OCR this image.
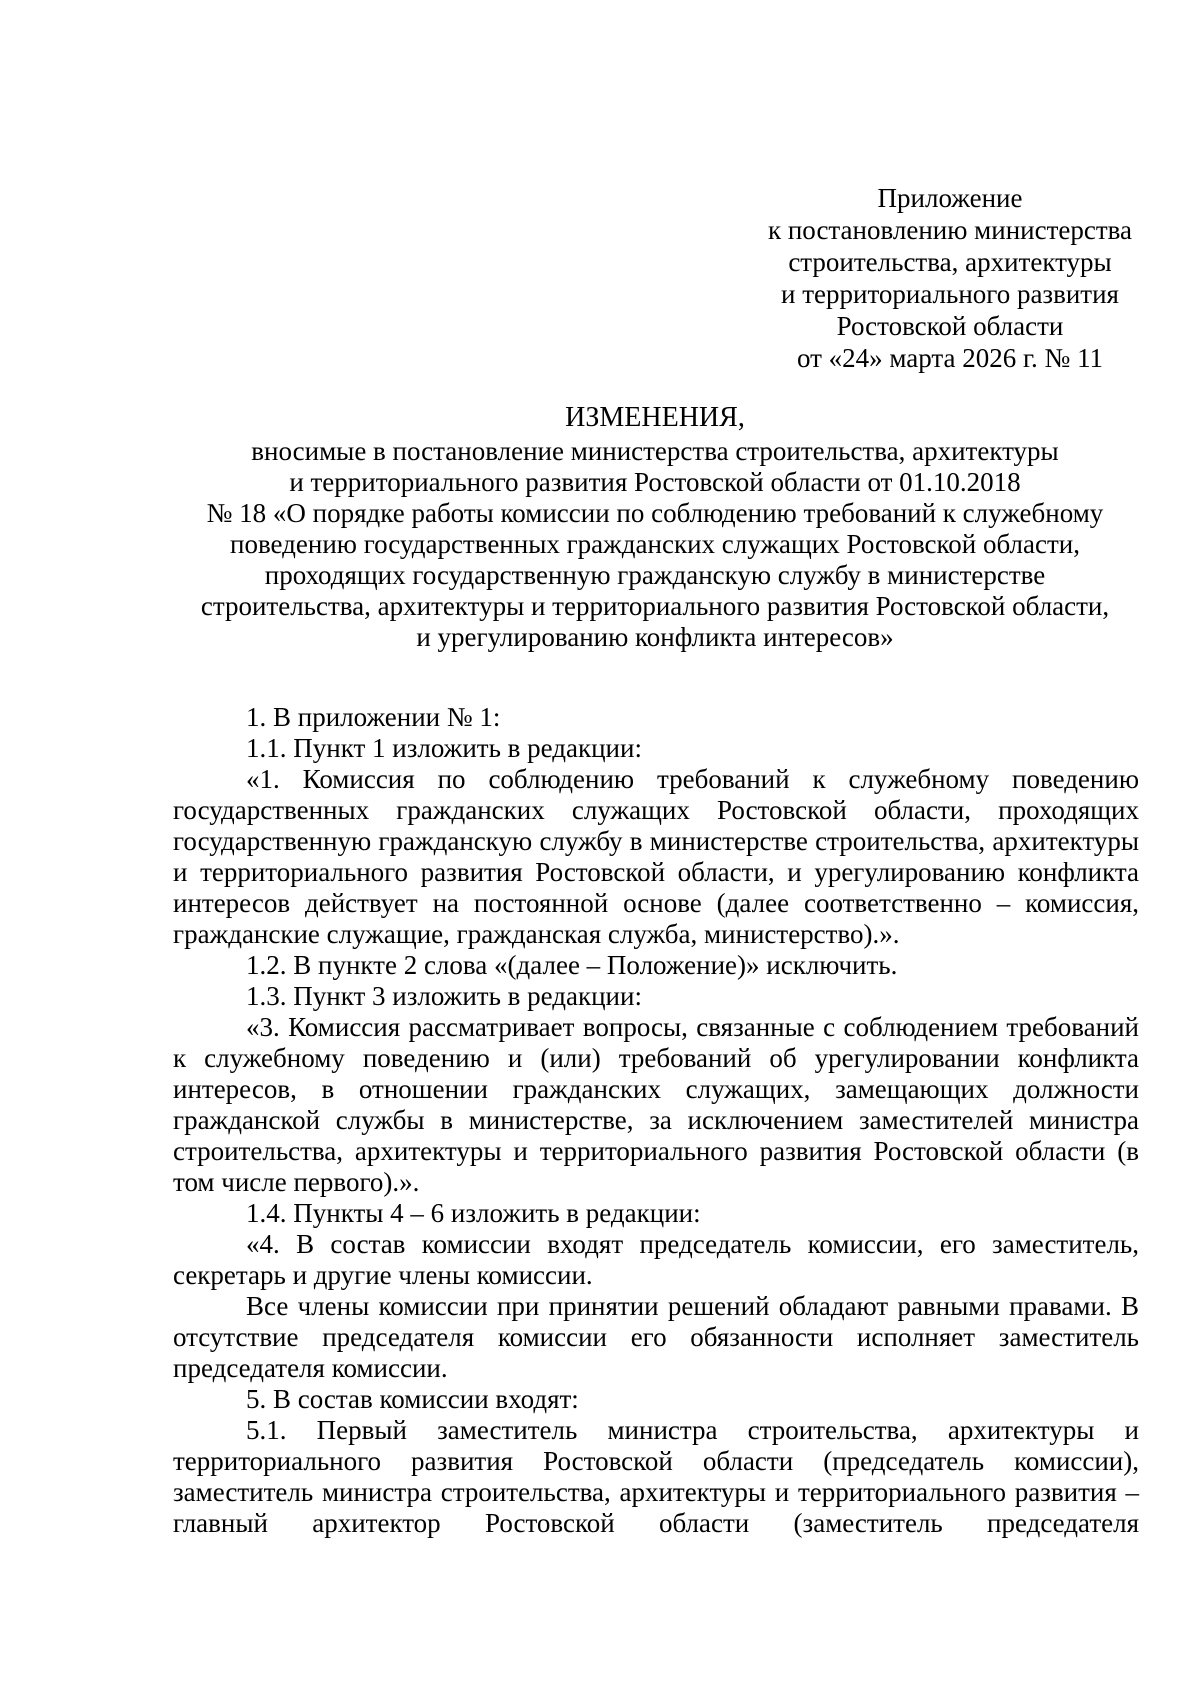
Приложение
к постановлению министерства
строительства, архитектуры
и территориального развития
Ростовской области
от «24» марта 2026 г. № 11
ИЗМЕНЕНИЯ,
вносимые в постановление министерства строительства, архитектуры
и территориального развития Ростовской области от 01.10.2018
№ 18 «О порядке работы комиссии по соблюдению требований к служебному
поведению государственных гражданских служащих Ростовской области,
проходящих государственную гражданскую службу в министерстве
строительства, архитектуры и территориального развития Ростовской области,
и урегулированию конфликта интересов»

1. В приложении № 1:

1.1. Пункт 1 изложить в редакции:

«1. Комиссия по соблюдению требований к служебному поведению государственных гражданских служащих Ростовской области, проходящих государственную гражданскую службу в министерстве строительства, архитектуры и территориального развития Ростовской области, и урегулированию конфликта интересов действует на постоянной основе (далее соответственно – комиссия, гражданские служащие, гражданская служба, министерство).».

1.2. В пункте 2 слова «(далее – Положение)» исключить.

1.3. Пункт 3 изложить в редакции:

«3. Комиссия рассматривает вопросы, связанные с соблюдением требований к служебному поведению и (или) требований об урегулировании конфликта интересов, в отношении гражданских служащих, замещающих должности гражданской службы в министерстве, за исключением заместителей министра строительства, архитектуры и территориального развития Ростовской области (в том числе первого).».

1.4. Пункты 4 – 6 изложить в редакции:

«4. В состав комиссии входят председатель комиссии, его заместитель, секретарь и другие члены комиссии.

Все члены комиссии при принятии решений обладают равными правами. В отсутствие председателя комиссии его обязанности исполняет заместитель председателя комиссии.

5. В состав комиссии входят:

5.1. Первый заместитель министра строительства, архитектуры и территориального развития Ростовской области (председатель комиссии), заместитель министра строительства, архитектуры и территориального развития – главный архитектор Ростовской области (заместитель председателя
